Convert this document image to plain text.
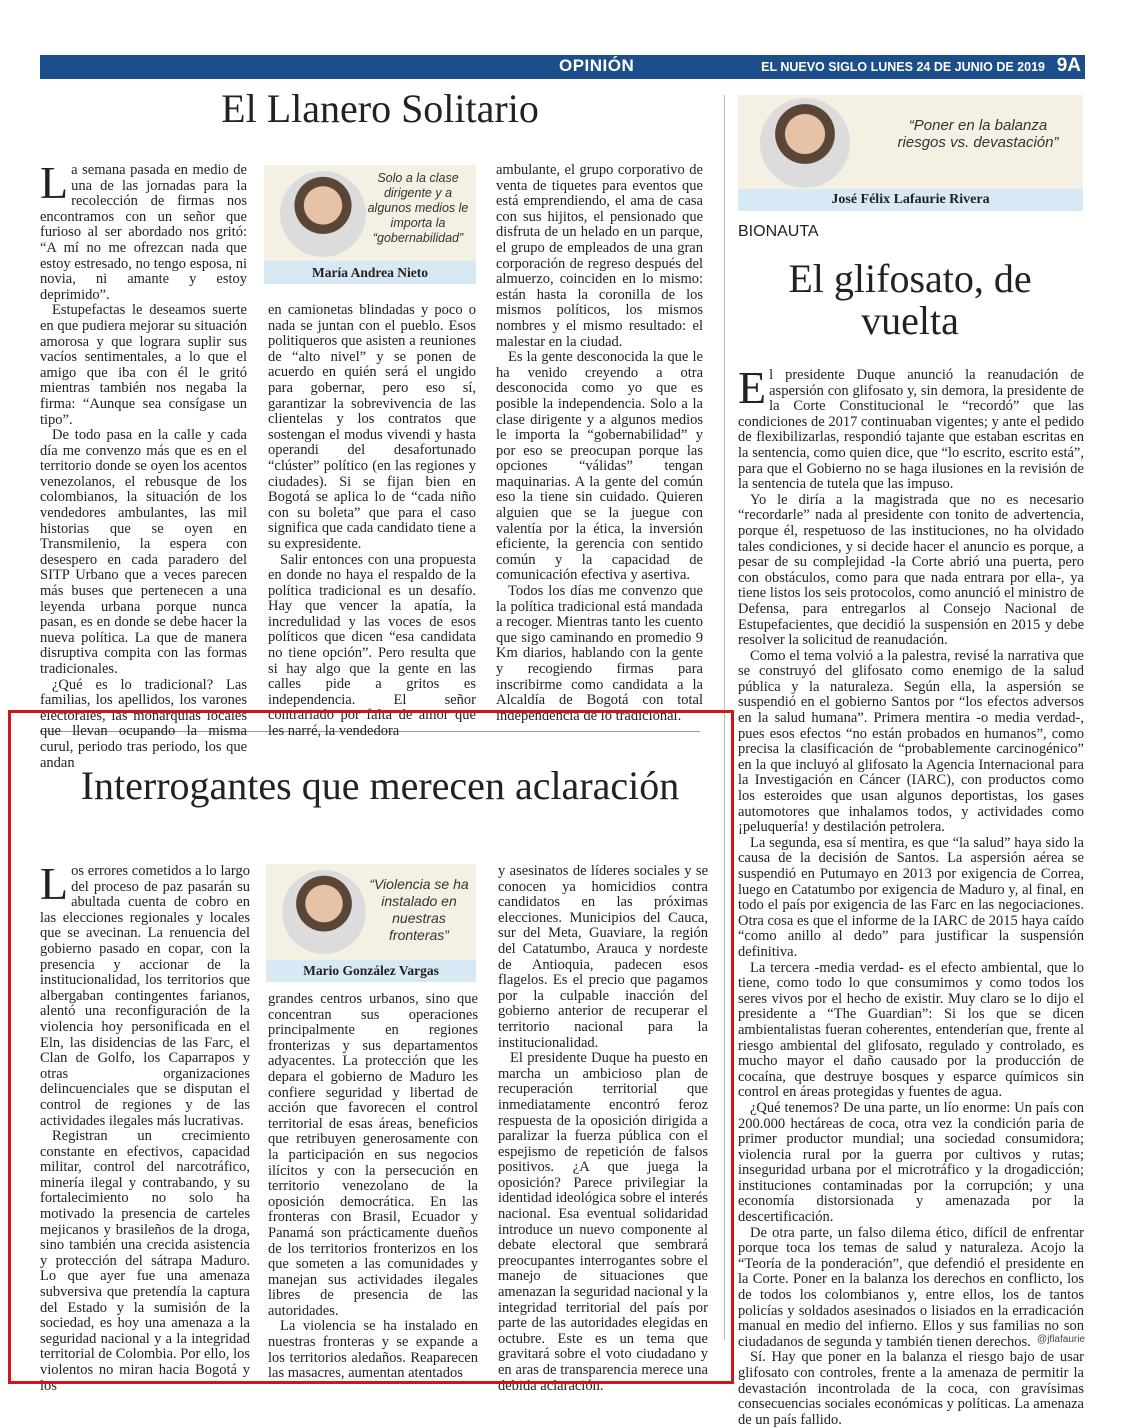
OPINIÓN	EL NUEVO SIGLO LUNES 24 DE JUNIO DE 2019 9A
El Llanero Solitario

La semana pasada en medio de una de las jornadas para la recolección de firmas nos encontramos con un señor que furioso al ser abordado nos gritó: “A mí no me ofrezcan nada que estoy estresado, no tengo esposa, ni novia, ni amante y estoy deprimido”.

Estupefactas le deseamos suerte en que pudiera mejorar su situación amorosa y que lograra suplir sus vacíos sentimentales, a lo que el amigo que iba con él le gritó mientras también nos negaba la firma: “Aunque sea consígase un tipo”.

De todo pasa en la calle y cada día me convenzo más que es en el territorio donde se oyen los acentos venezolanos, el rebusque de los colombianos, la situación de los vendedores ambulantes, las mil historias que se oyen en Transmilenio, la espera con desespero en cada paradero del SITP Urbano que a veces parecen más buses que pertenecen a una leyenda urbana porque nunca pasan, es en donde se debe hacer la nueva política. La que de manera disruptiva compita con las formas tradicionales.

¿Qué es lo tradicional? Las familias, los apellidos, los varones electorales, las monarquías locales que llevan ocupando la misma curul, periodo tras periodo, los que andan

Solo a la clase dirigente y a algunos medios le importa la “gobernabilidad”
María Andrea Nieto

en camionetas blindadas y poco o nada se juntan con el pueblo. Esos politiqueros que asisten a reuniones de “alto nivel” y se ponen de acuerdo en quién será el ungido para gobernar, pero eso sí, garantizar la sobrevivencia de las clientelas y los contratos que sostengan el modus vivendi y hasta operandi del desafortunado “clúster” político (en las regiones y ciudades). Si se fijan bien en Bogotá se aplica lo de “cada niño con su boleta” que para el caso significa que cada candidato tiene a su expresidente.

Salir entonces con una propuesta en donde no haya el respaldo de la política tradicional es un desafío. Hay que vencer la apatía, la incredulidad y las voces de esos políticos que dicen “esa candidata no tiene opción”. Pero resulta que si hay algo que la gente en las calles pide a gritos es independencia. El señor contrariado por falta de amor que les narré, la vendedora

ambulante, el grupo corporativo de venta de tiquetes para eventos que está emprendiendo, el ama de casa con sus hijitos, el pensionado que disfruta de un helado en un parque, el grupo de empleados de una gran corporación de regreso después del almuerzo, coinciden en lo mismo: están hasta la coronilla de los mismos políticos, los mismos nombres y el mismo resultado: el malestar en la ciudad.

Es la gente desconocida la que le ha venido creyendo a otra desconocida como yo que es posible la independencia. Solo a la clase dirigente y a algunos medios le importa la “gobernabilidad” y por eso se preocupan porque las opciones “válidas” tengan maquinarias. A la gente del común eso la tiene sin cuidado. Quieren alguien que se la juegue con valentía por la ética, la inversión eficiente, la gerencia con sentido común y la capacidad de comunicación efectiva y asertiva.

Todos los días me convenzo que la política tradicional está mandada a recoger. Mientras tanto les cuento que sigo caminando en promedio 9 Km diarios, hablando con la gente y recogiendo firmas para inscribirme como candidata a la Alcaldía de Bogotá con total independencia de lo tradicional.

Interrogantes que merecen aclaración

Los errores cometidos a lo largo del proceso de paz pasarán su abultada cuenta de cobro en las elecciones regionales y locales que se avecinan. La renuencia del gobierno pasado en copar, con la presencia y accionar de la institucionalidad, los territorios que albergaban contingentes farianos, alentó una reconfiguración de la violencia hoy personificada en el Eln, las disidencias de las Farc, el Clan de Golfo, los Caparrapos y otras organizaciones delincuenciales que se disputan el control de regiones y de las actividades ilegales más lucrativas.

Registran un crecimiento constante en efectivos, capacidad militar, control del narcotráfico, minería ilegal y contrabando, y su fortalecimiento no solo ha motivado la presencia de carteles mejicanos y brasileños de la droga, sino también una crecida asistencia y protección del sátrapa Maduro. Lo que ayer fue una amenaza subversiva que pretendía la captura del Estado y la sumisión de la sociedad, es hoy una amenaza a la seguridad nacional y a la integridad territorial de Colombia. Por ello, los violentos no miran hacia Bogotá y los

“Violencia se ha instalado en nuestras fronteras”
Mario González Vargas

grandes centros urbanos, sino que concentran sus operaciones principalmente en regiones fronterizas y sus departamentos adyacentes. La protección que les depara el gobierno de Maduro les confiere seguridad y libertad de acción que favorecen el control territorial de esas áreas, beneficios que retribuyen generosamente con la participación en sus negocios ilícitos y con la persecución en territorio venezolano de la oposición democrática. En las fronteras con Brasil, Ecuador y Panamá son prácticamente dueños de los territorios fronterizos en los que someten a las comunidades y manejan sus actividades ilegales libres de presencia de las autoridades.

La violencia se ha instalado en nuestras fronteras y se expande a los territorios aledaños. Reaparecen las masacres, aumentan atentados

y asesinatos de líderes sociales y se conocen ya homicidios contra candidatos en las próximas elecciones. Municipios del Cauca, sur del Meta, Guaviare, la región del Catatumbo, Arauca y nordeste de Antioquia, padecen esos flagelos. Es el precio que pagamos por la culpable inacción del gobierno anterior de recuperar el territorio nacional para la institucionalidad.

El presidente Duque ha puesto en marcha un ambicioso plan de recuperación territorial que inmediatamente encontró feroz respuesta de la oposición dirigida a paralizar la fuerza pública con el espejismo de repetición de falsos positivos. ¿A que juega la oposición? Parece privilegiar la identidad ideológica sobre el interés nacional. Esa eventual solidaridad introduce un nuevo componente al debate electoral que sembrará preocupantes interrogantes sobre el manejo de situaciones que amenazan la seguridad nacional y la integridad territorial del país por parte de las autoridades elegidas en octubre. Este es un tema que gravitará sobre el voto ciudadano y en aras de transparencia merece una debida aclaración.

“Poner en la balanza riesgos vs. devastación”
José Félix Lafaurie Rivera
BIONAUTA
El glifosato, de vuelta

El presidente Duque anunció la reanudación de aspersión con glifosato y, sin demora, la presidente de la Corte Constitucional le “recordó” que las condiciones de 2017 continuaban vigentes; y ante el pedido de flexibilizarlas, respondió tajante que estaban escritas en la sentencia, como quien dice, que “lo escrito, escrito está”, para que el Gobierno no se haga ilusiones en la revisión de la sentencia de tutela que las impuso.

Yo le diría a la magistrada que no es necesario “recordarle” nada al presidente con tonito de advertencia, porque él, respetuoso de las instituciones, no ha olvidado tales condiciones, y si decide hacer el anuncio es porque, a pesar de su complejidad -la Corte abrió una puerta, pero con obstáculos, como para que nada entrara por ella-, ya tiene listos los seis protocolos, como anunció el ministro de Defensa, para entregarlos al Consejo Nacional de Estupefacientes, que decidió la suspensión en 2015 y debe resolver la solicitud de reanudación.

Como el tema volvió a la palestra, revisé la narrativa que se construyó del glifosato como enemigo de la salud pública y la naturaleza. Según ella, la aspersión se suspendió en el gobierno Santos por “los efectos adversos en la salud humana”. Primera mentira -o media verdad-, pues esos efectos “no están probados en humanos”, como precisa la clasificación de “probablemente carcinogénico” en la que incluyó al glifosato la Agencia Internacional para la Investigación en Cáncer (IARC), con productos como los esteroides que usan algunos deportistas, los gases automotores que inhalamos todos, y actividades como ¡peluquería! y destilación petrolera.

La segunda, esa sí mentira, es que “la salud” haya sido la causa de la decisión de Santos. La aspersión aérea se suspendió en Putumayo en 2013 por exigencia de Correa, luego en Catatumbo por exigencia de Maduro y, al final, en todo el país por exigencia de las Farc en las negociaciones. Otra cosa es que el informe de la IARC de 2015 haya caído “como anillo al dedo” para justificar la suspensión definitiva.

La tercera -media verdad- es el efecto ambiental, que lo tiene, como todo lo que consumimos y como todos los seres vivos por el hecho de existir. Muy claro se lo dijo el presidente a “The Guardian”: Si los que se dicen ambientalistas fueran coherentes, entenderían que, frente al riesgo ambiental del glifosato, regulado y controlado, es mucho mayor el daño causado por la producción de cocaína, que destruye bosques y esparce químicos sin control en áreas protegidas y fuentes de agua.

¿Qué tenemos? De una parte, un lío enorme: Un país con 200.000 hectáreas de coca, otra vez la condición paria de primer productor mundial; una sociedad consumidora; violencia rural por la guerra por cultivos y rutas; inseguridad urbana por el microtráfico y la drogadicción; instituciones contaminadas por la corrupción; y una economía distorsionada y amenazada por la descertificación.

De otra parte, un falso dilema ético, difícil de enfrentar porque toca los temas de salud y naturaleza. Acojo la “Teoría de la ponderación”, que defendió el presidente en la Corte. Poner en la balanza los derechos en conflicto, los de todos los colombianos y, entre ellos, los de tantos policías y soldados asesinados o lisiados en la erradicación manual en medio del infierno. Ellos y sus familias no son ciudadanos de segunda y también tienen derechos.

Sí. Hay que poner en la balanza el riesgo bajo de usar glifosato con controles, frente a la amenaza de permitir la devastación incontrolada de la coca, con gravísimas consecuencias sociales económicas y políticas. La amenaza de un país fallido.

@jflafaurie
